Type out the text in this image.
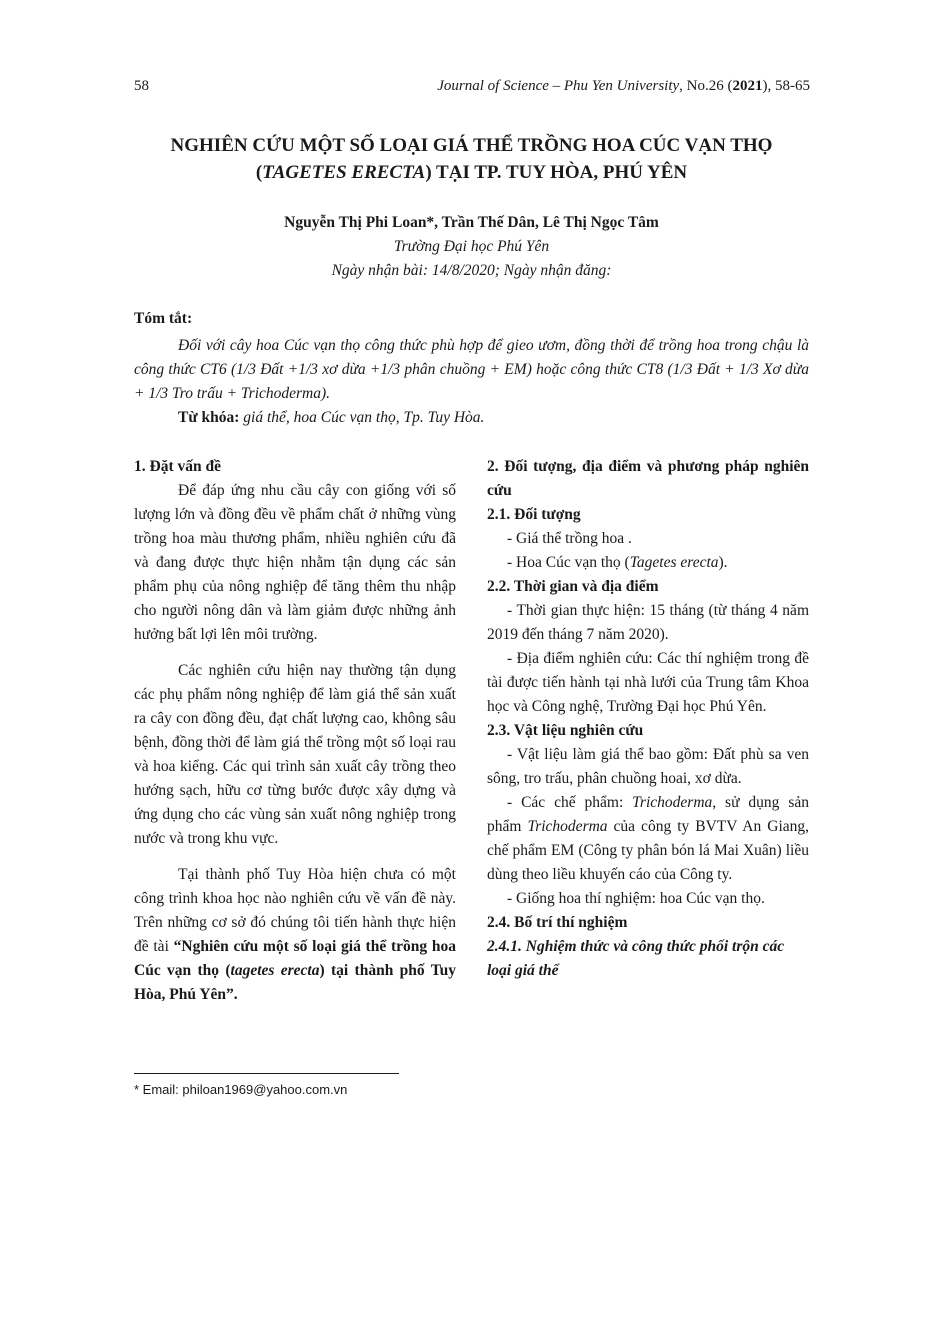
58	Journal of Science – Phu Yen University, No.26 (2021), 58-65
NGHIÊN CỨU MỘT SỐ LOẠI GIÁ THỂ TRỒNG HOA CÚC VẠN THỌ
(TAGETES ERECTA) TẠI TP. TUY HÒA, PHÚ YÊN
Nguyễn Thị Phi Loan*, Trần Thế Dân, Lê Thị Ngọc Tâm
Trường Đại học Phú Yên
Ngày nhận bài: 14/8/2020; Ngày nhận đăng:
Tóm tắt:
Đối với cây hoa Cúc vạn thọ công thức phù hợp để gieo ươm, đồng thời để trồng hoa trong chậu là công thức CT6 (1/3 Đất +1/3 xơ dừa +1/3 phân chuồng + EM) hoặc công thức CT8 (1/3 Đất + 1/3 Xơ dừa + 1/3 Tro trấu + Trichoderma).
Từ khóa: giá thể, hoa Cúc vạn thọ, Tp. Tuy Hòa.

1. Đặt vấn đề

Để đáp ứng nhu cầu cây con giống với số lượng lớn và đồng đều về phẩm chất ở những vùng trồng hoa màu thương phẩm, nhiều nghiên cứu đã và đang được thực hiện nhằm tận dụng các sản phẩm phụ của nông nghiệp để tăng thêm thu nhập cho người nông dân và làm giảm được những ảnh hưởng bất lợi lên môi trường.

Các nghiên cứu hiện nay thường tận dụng các phụ phẩm nông nghiệp để làm giá thể sản xuất ra cây con đồng đều, đạt chất lượng cao, không sâu bệnh, đồng thời để làm giá thể trồng một số loại rau và hoa kiểng. Các qui trình sản xuất cây trồng theo hướng sạch, hữu cơ từng bước được xây dựng và ứng dụng cho các vùng sản xuất nông nghiệp trong nước và trong khu vực.

Tại thành phố Tuy Hòa hiện chưa có một công trình khoa học nào nghiên cứu về vấn đề này. Trên những cơ sở đó chúng tôi tiến hành thực hiện đề tài “Nghiên cứu một số loại giá thể trồng hoa Cúc vạn thọ (tagetes erecta) tại thành phố Tuy Hòa, Phú Yên”.

* Email: philoan1969@yahoo.com.vn

2. Đối tượng, địa điểm và phương pháp nghiên cứu

2.1. Đối tượng

- Giá thể trồng hoa .

- Hoa Cúc vạn thọ (Tagetes erecta).

2.2. Thời gian và địa điểm

- Thời gian thực hiện: 15 tháng (từ tháng 4 năm 2019 đến tháng 7 năm 2020).

- Địa điểm nghiên cứu: Các thí nghiệm trong đề tài được tiến hành tại nhà lưới của Trung tâm Khoa học và Công nghệ, Trường Đại học Phú Yên.

2.3. Vật liệu nghiên cứu

- Vật liệu làm giá thể bao gồm: Đất phù sa ven sông, tro trấu, phân chuồng hoai, xơ dừa.

- Các chế phẩm: Trichoderma, sử dụng sản phẩm Trichoderma của công ty BVTV An Giang, chế phẩm EM (Công ty phân bón lá Mai Xuân) liều dùng theo liều khuyến cáo của Công ty.

- Giống hoa thí nghiệm: hoa Cúc vạn thọ.

2.4. Bố trí thí nghiệm

2.4.1. Nghiệm thức và công thức phối trộn các loại giá thể
